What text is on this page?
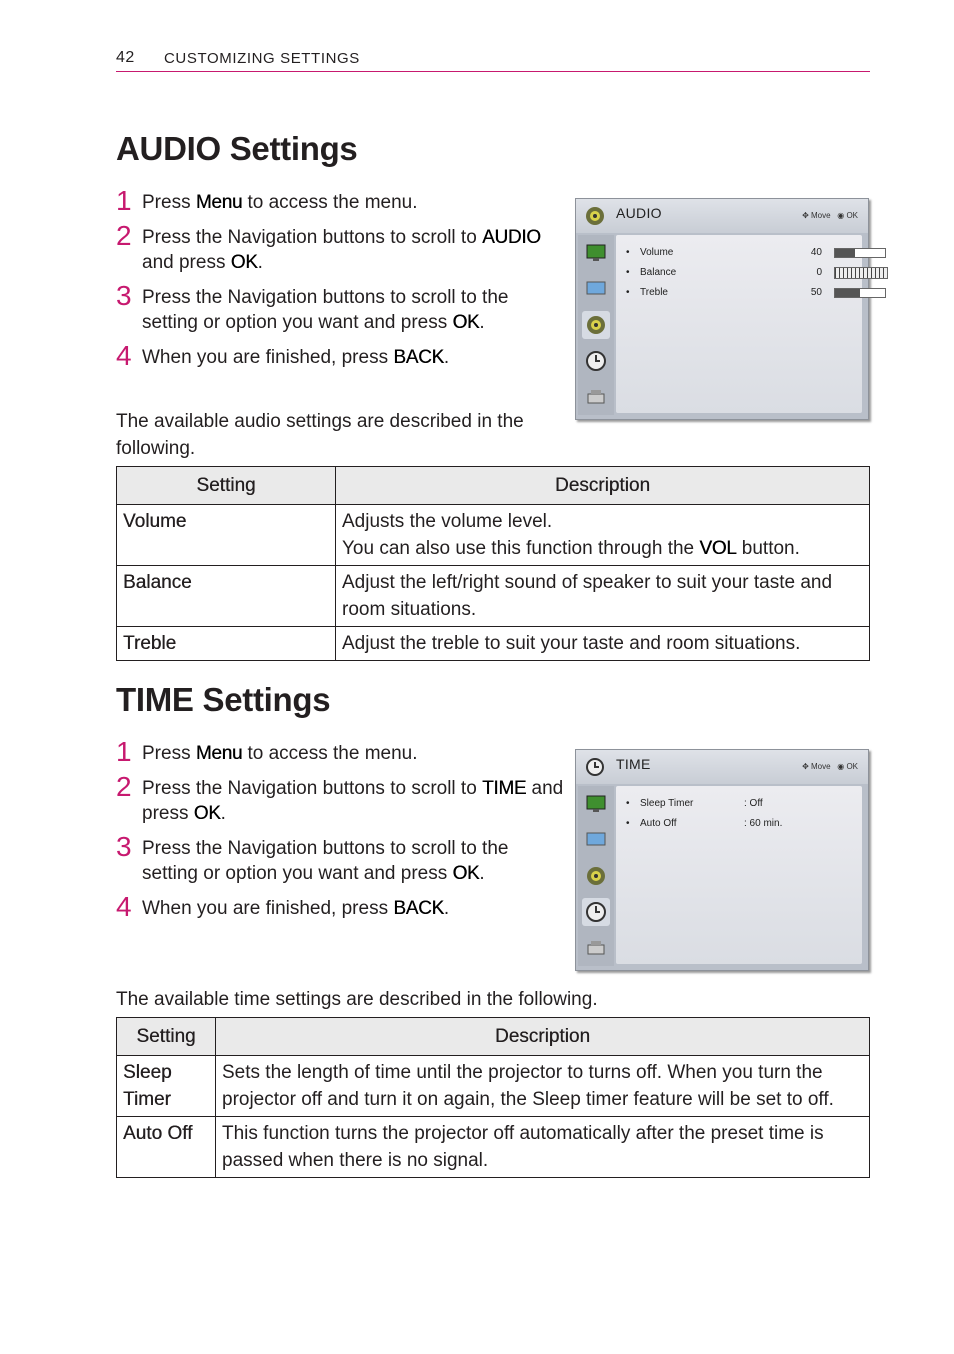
42 CUSTOMIZING SETTINGS
AUDIO Settings
1 Press Menu to access the menu.
2 Press the Navigation buttons to scroll to AUDIO and press OK.
3 Press the Navigation buttons to scroll to the setting or option you want and press OK.
4 When you are finished, press BACK.
The available audio settings are described in the following.
AUDIO	✥ Move   ◉ OK
• Volume	40
• Balance	0
• Treble	50
Setting	Description
Volume	Adjusts the volume level.
You can also use this function through the VOL button.
Balance	Adjust the left/right sound of speaker to suit your taste and room situations.
Treble	Adjust the treble to suit your taste and room situations.
TIME Settings
1 Press Menu to access the menu.
2 Press the Navigation buttons to scroll to TIME and press OK.
3 Press the Navigation buttons to scroll to the setting or option you want and press OK.
4 When you are finished, press BACK.
TIME	✥ Move   ◉ OK
• Sleep Timer	: Off
• Auto Off	: 60 min.
The available time settings are described in the following.
Setting	Description
Sleep Timer	Sets the length of time until the projector to turns off. When you turn the projector off and turn it on again, the Sleep timer feature will be set to off.
Auto Off	This function turns the projector off automatically after the preset time is passed when there is no signal.
